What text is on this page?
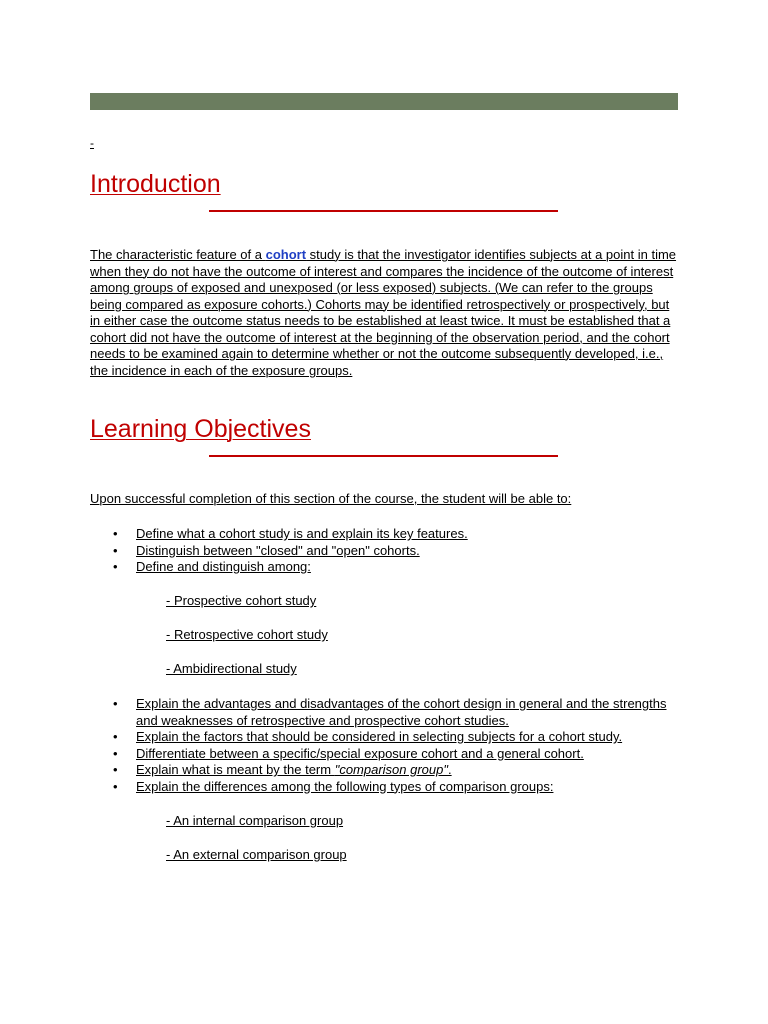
-
Introduction

The characteristic feature of a cohort study is that the investigator identifies subjects at a point in time when they do not have the outcome of interest and compares the incidence of the outcome of interest among groups of exposed and unexposed (or less exposed) subjects. (We can refer to the groups being compared as exposure cohorts.) Cohorts may be identified retrospectively or prospectively, but in either case the outcome status needs to be established at least twice. It must be established that a cohort did not have the outcome of interest at the beginning of the observation period, and the cohort needs to be examined again to determine whether or not the outcome subsequently developed, i.e., the incidence in each of the exposure groups.

Learning Objectives

Upon successful completion of this section of the course, the student will be able to:

• Define what a cohort study is and explain its key features.
• Distinguish between "closed" and "open" cohorts.
• Define and distinguish among:

- Prospective cohort study

- Retrospective cohort study

- Ambidirectional study

• Explain the advantages and disadvantages of the cohort design in general and the strengths and weaknesses of retrospective and prospective cohort studies.
• Explain the factors that should be considered in selecting subjects for a cohort study.
• Differentiate between a specific/special exposure cohort and a general cohort.
• Explain what is meant by the term "comparison group".
• Explain the differences among the following types of comparison groups:

- An internal comparison group

- An external comparison group
